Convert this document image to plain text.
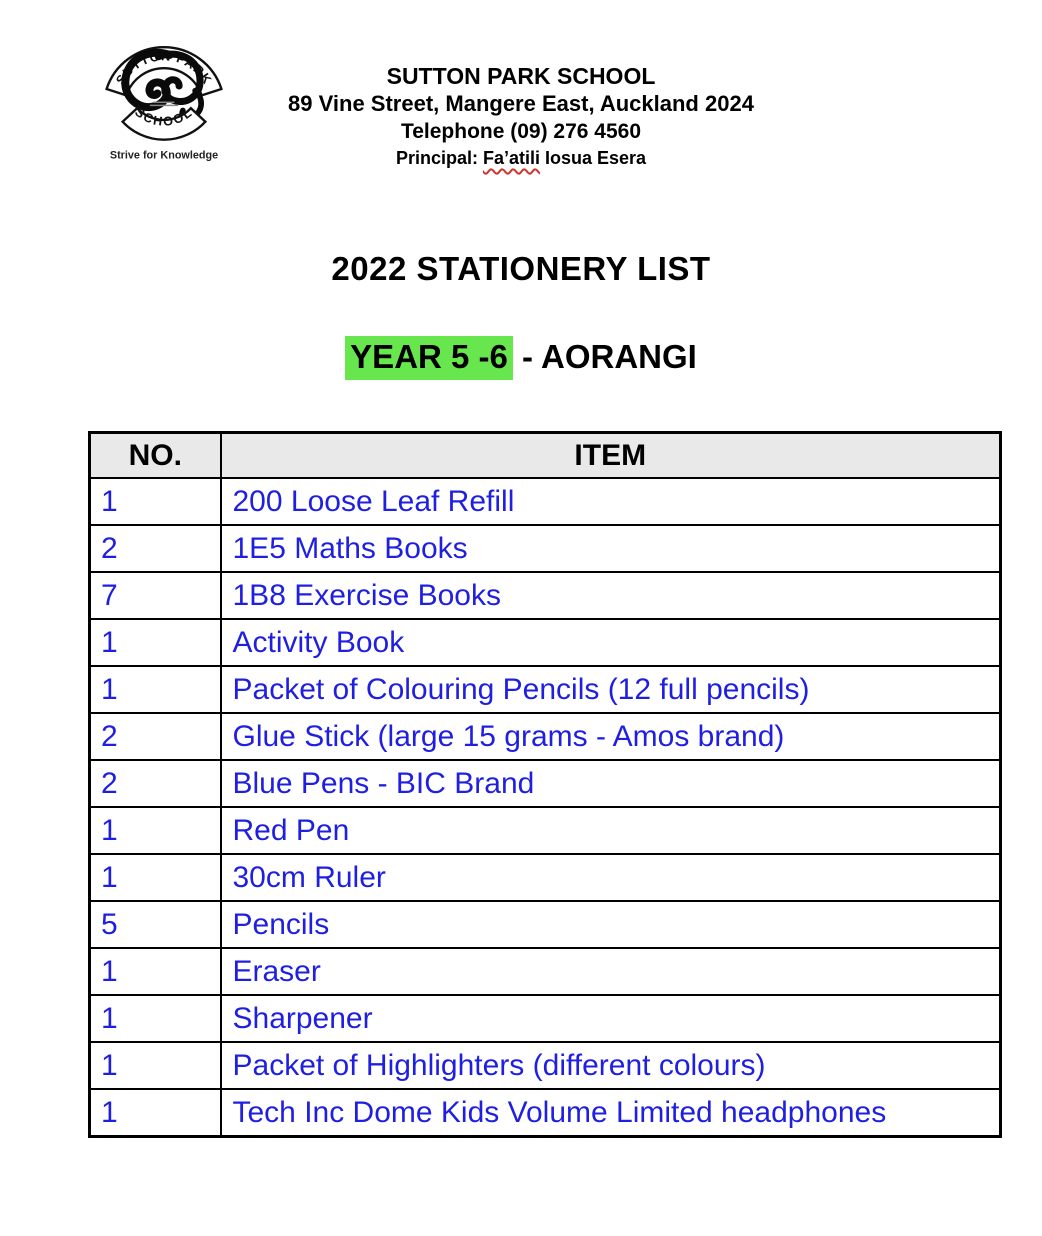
SUTTON PARK
SCHOOL
Strive for Knowledge
SUTTON PARK SCHOOL
89 Vine Street, Mangere East, Auckland 2024
Telephone (09) 276 4560
Principal: Fa’atili Iosua Esera
2022 STATIONERY LIST
YEAR 5 -6 - AORANGI
NO.	ITEM
1	200 Loose Leaf Refill
2	1E5 Maths Books
7	1B8 Exercise Books
1	Activity Book
1	Packet of Colouring Pencils (12 full pencils)
2	Glue Stick (large 15 grams - Amos brand)
2	Blue Pens - BIC Brand
1	Red Pen
1	30cm Ruler
5	Pencils
1	Eraser
1	Sharpener
1	Packet of Highlighters (different colours)
1	Tech Inc Dome Kids Volume Limited headphones
